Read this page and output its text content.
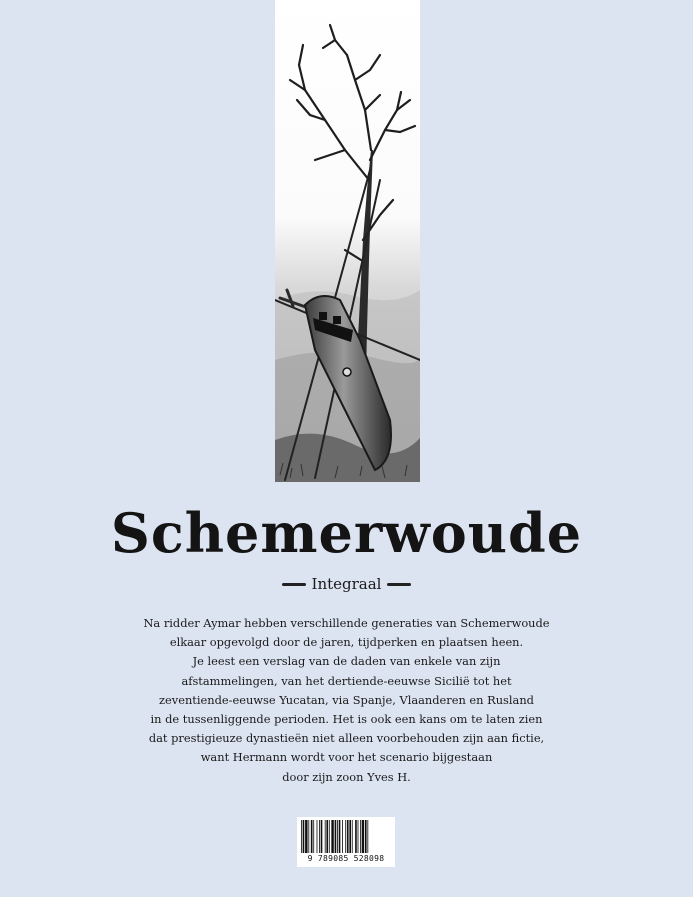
Schemerwoude
Integraal

Na ridder Aymar hebben verschillende generaties van Schemerwoude
elkaar opgevolgd door de jaren, tijdperken en plaatsen heen.
Je leest een verslag van de daden van enkele van zijn
afstammelingen, van het dertiende-eeuwse Sicilië tot het
zeventiende-eeuwse Yucatan, via Spanje, Vlaanderen en Rusland
in de tussenliggende perioden. Het is ook een kans om te laten zien
dat prestigieuze dynastieën niet alleen voorbehouden zijn aan fictie,
want Hermann wordt voor het scenario bijgestaan
door zijn zoon Yves H.

9 789085 528098
